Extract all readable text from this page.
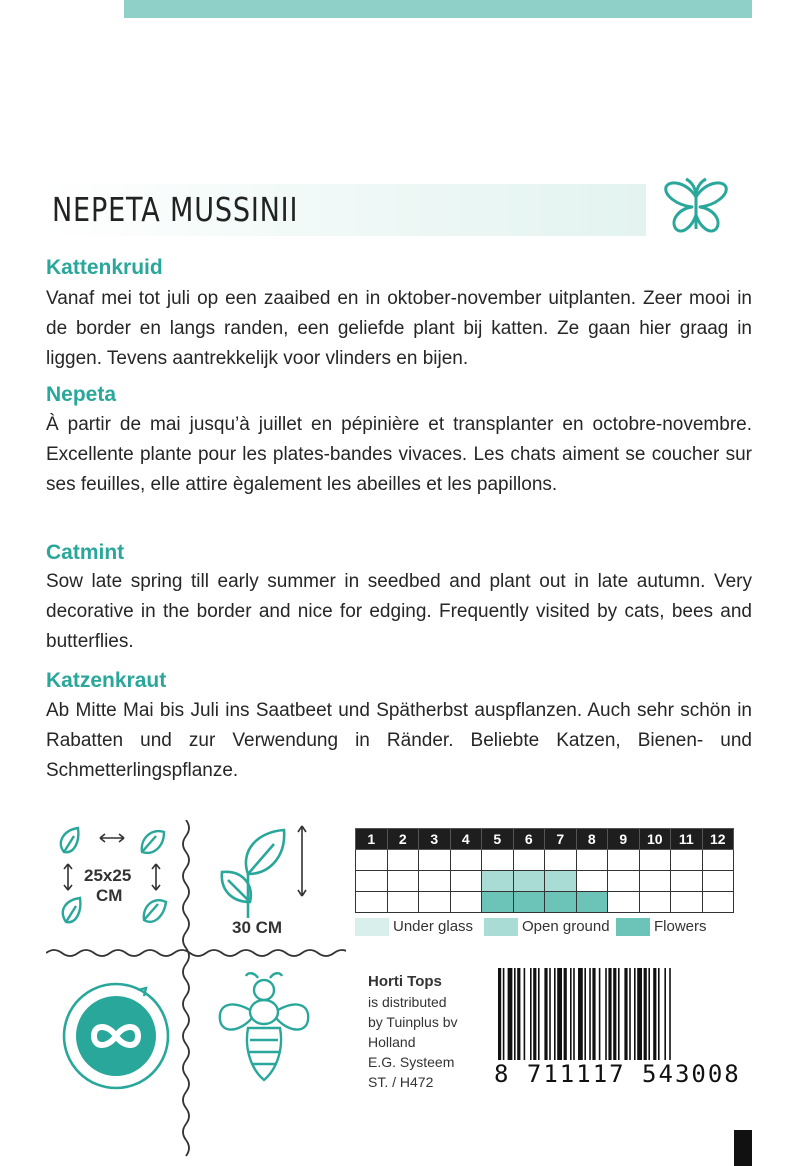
NEPETA MUSSINII
Kattenkruid

Vanaf mei tot juli op een zaaibed en in oktober-november uitplanten. Zeer mooi in de border en langs randen, een geliefde plant bij katten. Ze gaan hier graag in liggen. Tevens aantrekkelijk voor vlinders en bijen.

Nepeta

À partir de mai jusqu’à juillet en pépinière et transplanter en octobre-novembre. Excellente plante pour les plates-bandes vivaces. Les chats aiment se coucher sur ses feuilles, elle attire ègalement les abeilles et les papillons.

Catmint

Sow late spring till early summer in seedbed and plant out in late autumn. Very decorative in the border and nice for edging. Frequently visited by cats, bees and butterflies.

Katzenkraut

Ab Mitte Mai bis Juli ins Saatbeet und Spätherbst auspflanzen. Auch sehr schön in Rabatten und zur Verwendung in Ränder. Beliebte Katzen, Bienen- und Schmetterlingspflanze.

25x25
CM
30 CM
1	2	3	4	5	6	7	8	9	10	11	12

Under glass	Open ground	Flowers
Horti Tops
is distributed
by Tuinplus bv
Holland
E.G. Systeem
ST. / H472	8 711117 543008
